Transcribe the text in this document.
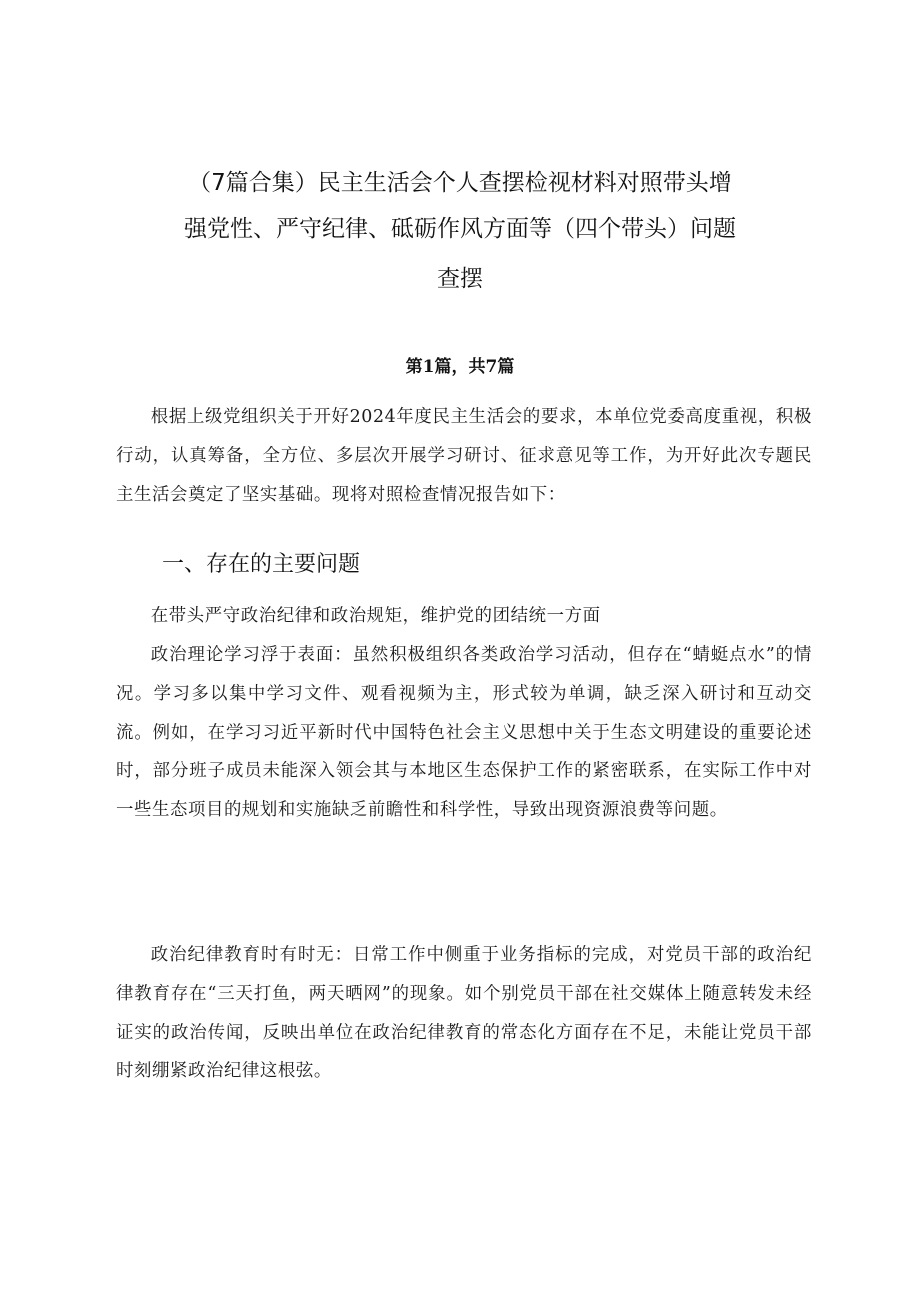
（7篇合集）民主生活会个人查摆检视材料对照带头增
强党性、严守纪律、砥砺作风方面等（四个带头）问题
查摆
第1篇，共7篇

根据上级党组织关于开好2024年度民主生活会的要求，本单位党委高度重视，积极行动，认真筹备，全方位、多层次开展学习研讨、征求意见等工作，为开好此次专题民主生活会奠定了坚实基础。现将对照检查情况报告如下：

一、存在的主要问题

在带头严守政治纪律和政治规矩，维护党的团结统一方面

政治理论学习浮于表面：虽然积极组织各类政治学习活动，但存在“蜻蜓点水”的情况。学习多以集中学习文件、观看视频为主，形式较为单调，缺乏深入研讨和互动交流。例如，在学习习近平新时代中国特色社会主义思想中关于生态文明建设的重要论述时，部分班子成员未能深入领会其与本地区生态保护工作的紧密联系，在实际工作中对一些生态项目的规划和实施缺乏前瞻性和科学性，导致出现资源浪费等问题。

政治纪律教育时有时无：日常工作中侧重于业务指标的完成，对党员干部的政治纪律教育存在“三天打鱼，两天晒网”的现象。如个别党员干部在社交媒体上随意转发未经证实的政治传闻，反映出单位在政治纪律教育的常态化方面存在不足，未能让党员干部时刻绷紧政治纪律这根弦。
